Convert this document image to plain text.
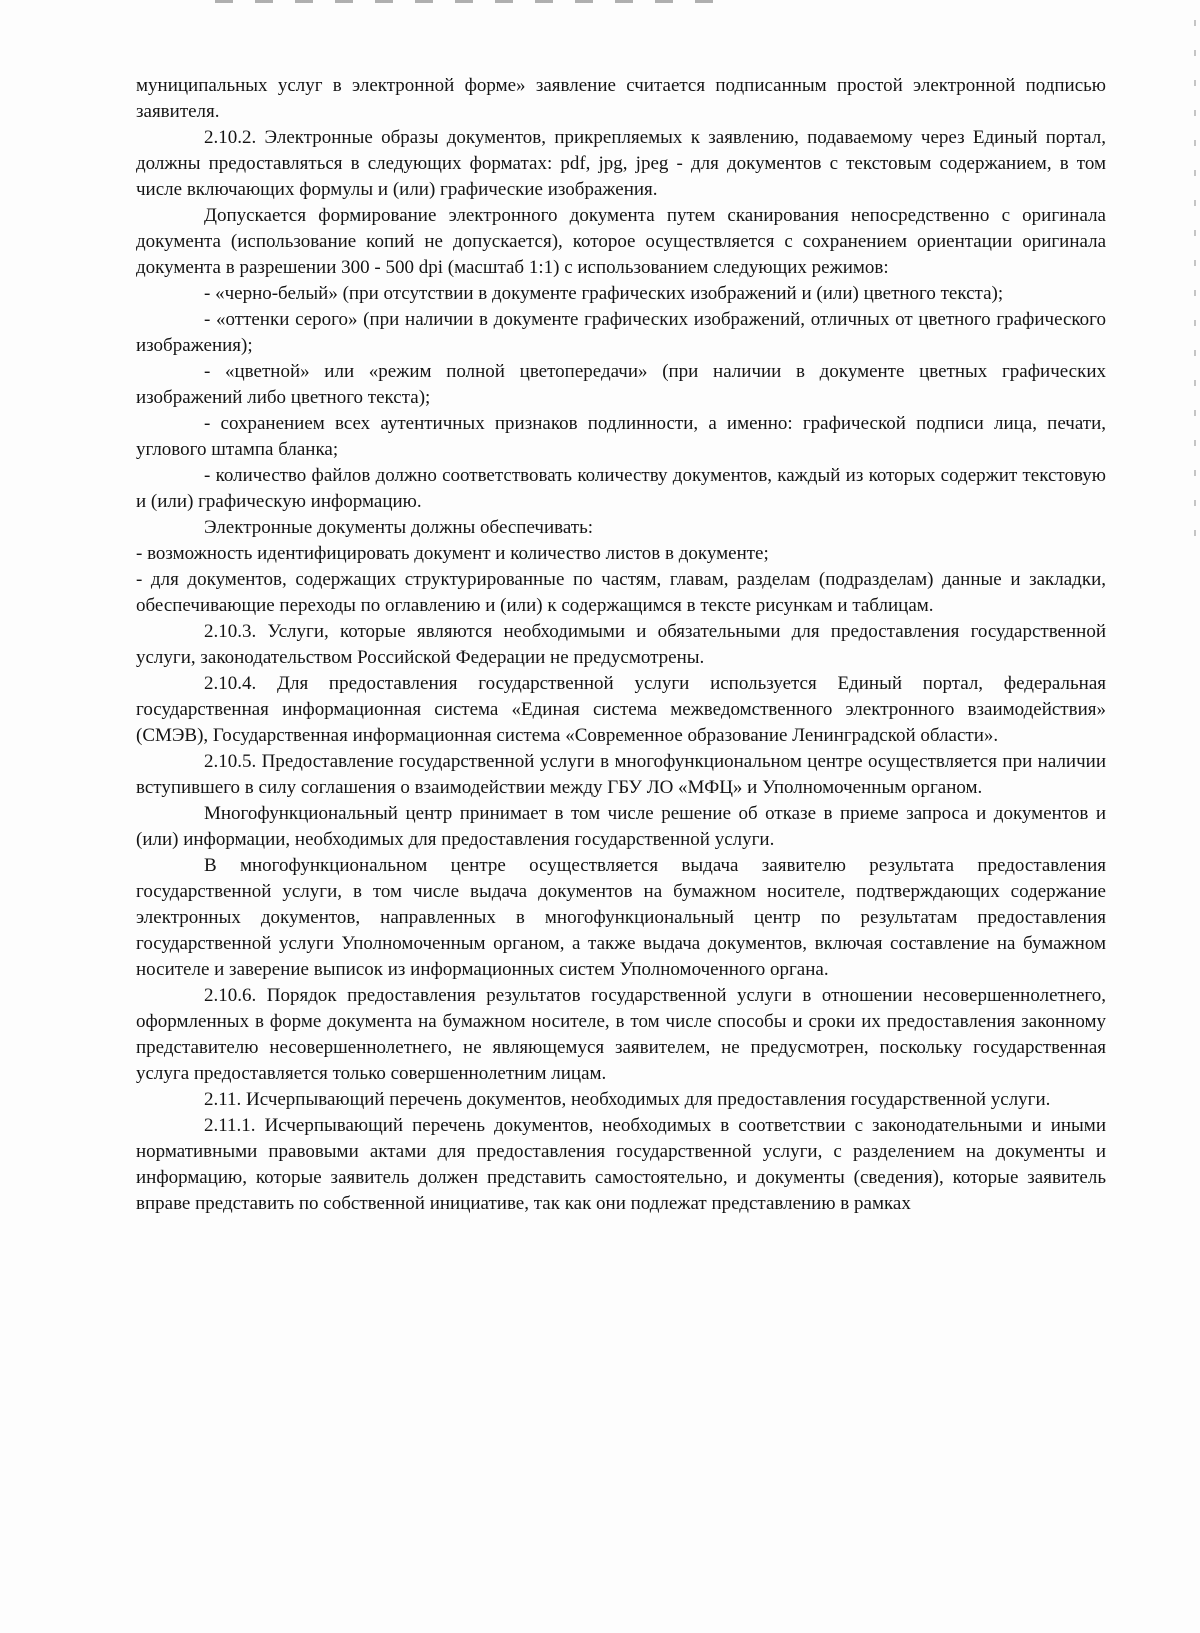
муниципальных услуг в электронной форме» заявление считается подписанным простой электронной подписью заявителя.

2.10.2. Электронные образы документов, прикрепляемых к заявлению, подаваемому через Единый портал, должны предоставляться в следующих форматах: pdf, jpg, jpeg - для документов с текстовым содержанием, в том числе включающих формулы и (или) графические изображения.

Допускается формирование электронного документа путем сканирования непосредственно с оригинала документа (использование копий не допускается), которое осуществляется с сохранением ориентации оригинала документа в разрешении 300 - 500 dpi (масштаб 1:1) с использованием следующих режимов:

- «черно-белый» (при отсутствии в документе графических изображений и (или) цветного текста);

- «оттенки серого» (при наличии в документе графических изображений, отличных от цветного графического изображения);

- «цветной» или «режим полной цветопередачи» (при наличии в документе цветных графических изображений либо цветного текста);

- сохранением всех аутентичных признаков подлинности, а именно: графической подписи лица, печати, углового штампа бланка;

- количество файлов должно соответствовать количеству документов, каждый из которых содержит текстовую и (или) графическую информацию.

Электронные документы должны обеспечивать:

- возможность идентифицировать документ и количество листов в документе;

- для документов, содержащих структурированные по частям, главам, разделам (подразделам) данные и закладки, обеспечивающие переходы по оглавлению и (или) к содержащимся в тексте рисункам и таблицам.

2.10.3. Услуги, которые являются необходимыми и обязательными для предоставления государственной услуги, законодательством Российской Федерации не предусмотрены.

2.10.4. Для предоставления государственной услуги используется Единый портал, федеральная государственная информационная система «Единая система межведомственного электронного взаимодействия» (СМЭВ), Государственная информационная система «Современное образование Ленинградской области».

2.10.5. Предоставление государственной услуги в многофункциональном центре осуществляется при наличии вступившего в силу соглашения о взаимодействии между ГБУ ЛО «МФЦ» и Уполномоченным органом.

Многофункциональный центр принимает в том числе решение об отказе в приеме запроса и документов и (или) информации, необходимых для предоставления государственной услуги.

В многофункциональном центре осуществляется выдача заявителю результата предоставления государственной услуги, в том числе выдача документов на бумажном носителе, подтверждающих содержание электронных документов, направленных в многофункциональный центр по результатам предоставления государственной услуги Уполномоченным органом, а также выдача документов, включая составление на бумажном носителе и заверение выписок из информационных систем Уполномоченного органа.

2.10.6. Порядок предоставления результатов государственной услуги в отношении несовершеннолетнего, оформленных в форме документа на бумажном носителе, в том числе способы и сроки их предоставления законному представителю несовершеннолетнего, не являющемуся заявителем, не предусмотрен, поскольку государственная услуга предоставляется только совершеннолетним лицам.

2.11. Исчерпывающий перечень документов, необходимых для предоставления государственной услуги.

2.11.1. Исчерпывающий перечень документов, необходимых в соответствии с законодательными и иными нормативными правовыми актами для предоставления государственной услуги, с разделением на документы и информацию, которые заявитель должен представить самостоятельно, и документы (сведения), которые заявитель вправе представить по собственной инициативе, так как они подлежат представлению в рамках
